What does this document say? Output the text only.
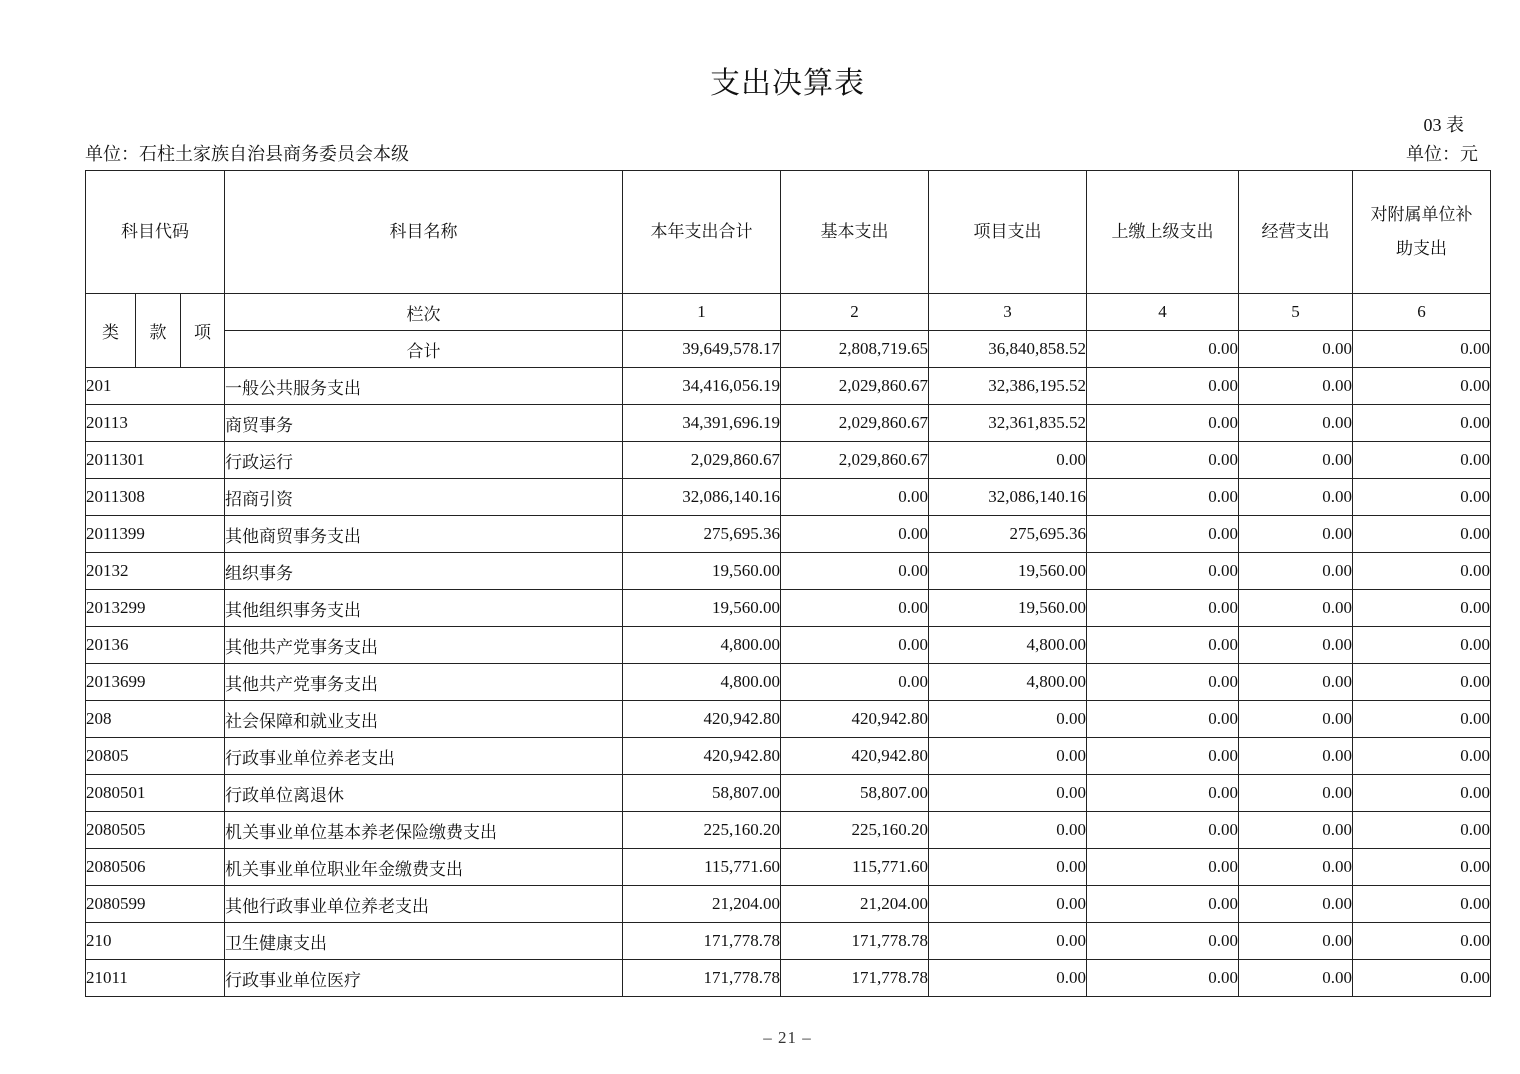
支出决算表
03 表
单位：石柱土家族自治县商务委员会本级	单位：元
科目代码			科目名称	本年支出合计	基本支出	项目支出	上缴上级支出	经营支出	对附属单位补助支出
类	款	项	栏次	1	2	3	4	5	6
			合计	39,649,578.17	2,808,719.65	36,840,858.52	0.00	0.00	0.00
201			一般公共服务支出	34,416,056.19	2,029,860.67	32,386,195.52	0.00	0.00	0.00
20113			商贸事务	34,391,696.19	2,029,860.67	32,361,835.52	0.00	0.00	0.00
2011301			行政运行	2,029,860.67	2,029,860.67	0.00	0.00	0.00	0.00
2011308			招商引资	32,086,140.16	0.00	32,086,140.16	0.00	0.00	0.00
2011399			其他商贸事务支出	275,695.36	0.00	275,695.36	0.00	0.00	0.00
20132			组织事务	19,560.00	0.00	19,560.00	0.00	0.00	0.00
2013299			其他组织事务支出	19,560.00	0.00	19,560.00	0.00	0.00	0.00
20136			其他共产党事务支出	4,800.00	0.00	4,800.00	0.00	0.00	0.00
2013699			其他共产党事务支出	4,800.00	0.00	4,800.00	0.00	0.00	0.00
208			社会保障和就业支出	420,942.80	420,942.80	0.00	0.00	0.00	0.00
20805			行政事业单位养老支出	420,942.80	420,942.80	0.00	0.00	0.00	0.00
2080501			行政单位离退休	58,807.00	58,807.00	0.00	0.00	0.00	0.00
2080505			机关事业单位基本养老保险缴费支出	225,160.20	225,160.20	0.00	0.00	0.00	0.00
2080506			机关事业单位职业年金缴费支出	115,771.60	115,771.60	0.00	0.00	0.00	0.00
2080599			其他行政事业单位养老支出	21,204.00	21,204.00	0.00	0.00	0.00	0.00
210			卫生健康支出	171,778.78	171,778.78	0.00	0.00	0.00	0.00
21011			行政事业单位医疗	171,778.78	171,778.78	0.00	0.00	0.00	0.00
– 21 –
